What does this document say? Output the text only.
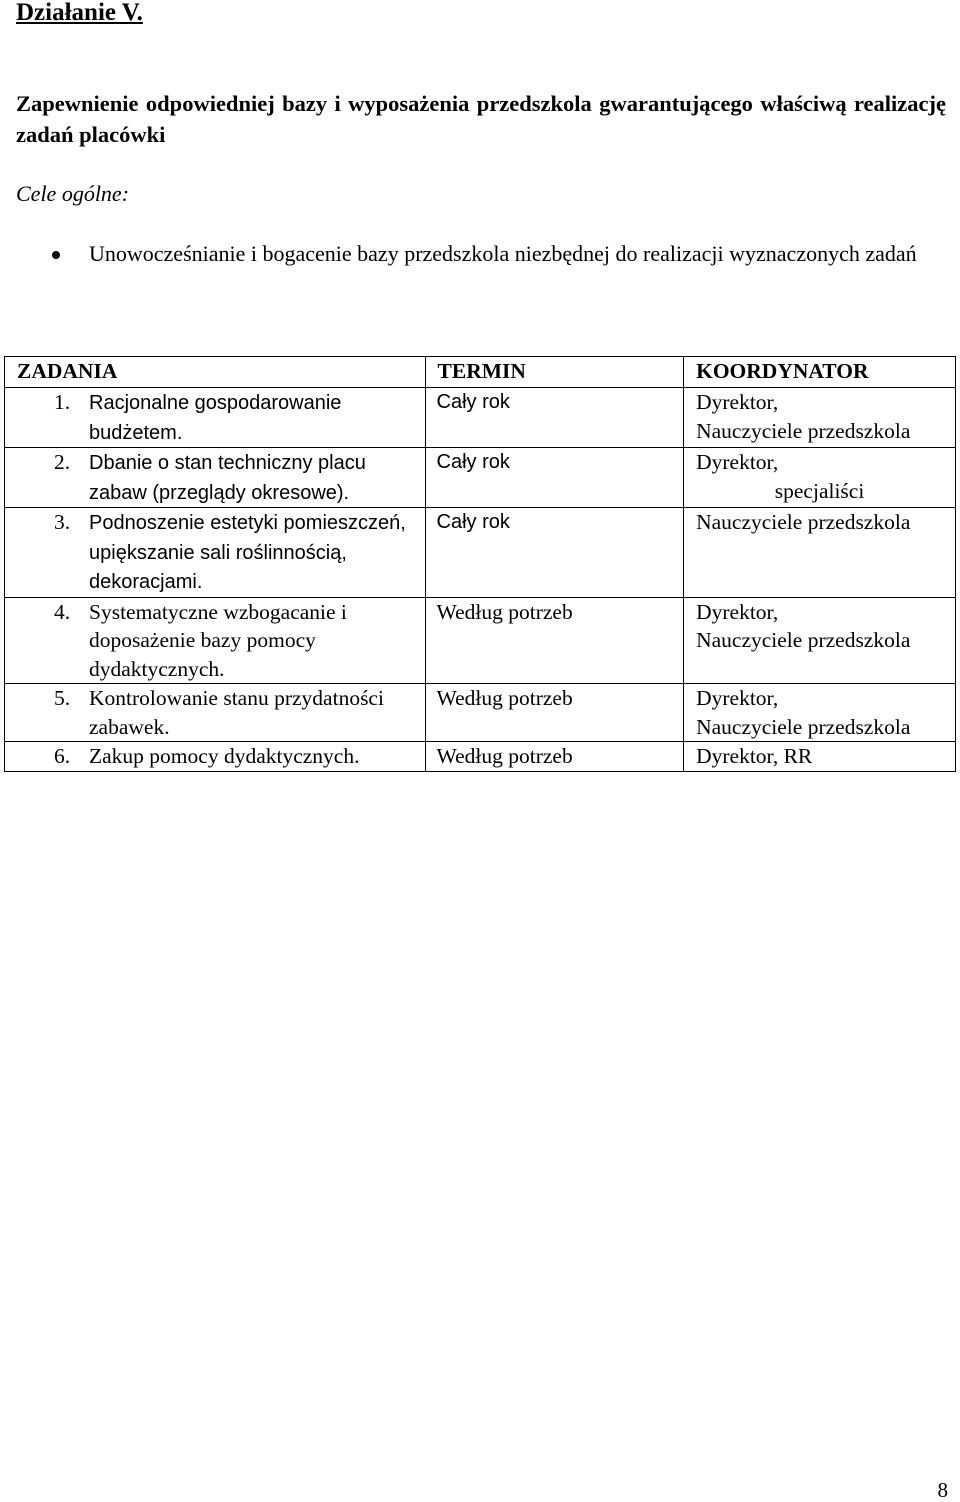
Działanie V.

Zapewnienie odpowiedniej bazy i wyposażenia przedszkola gwarantującego właściwą realizację zadań placówki

Cele ogólne:

Unowocześnianie i bogacenie bazy przedszkola niezbędnej do realizacji wyznaczonych zadań
ZADANIA	TERMIN	KOORDYNATOR

1. Racjonalne gospodarowanie budżetem.	Cały rok	Dyrektor,
Nauczyciele przedszkola

2. Dbanie o stan techniczny placu zabaw (przeglądy okresowe).	Cały rok	Dyrektor,
specjaliści

3. Podnoszenie estetyki pomieszczeń, upiększanie sali roślinnością, dekoracjami.	Cały rok	Nauczyciele przedszkola

4. Systematyczne wzbogacanie i doposażenie bazy pomocy dydaktycznych.	Według potrzeb	Dyrektor,
Nauczyciele przedszkola

5. Kontrolowanie stanu przydatności zabawek.	Według potrzeb	Dyrektor,
Nauczyciele przedszkola

6. Zakup pomocy dydaktycznych.	Według potrzeb	Dyrektor, RR
8
